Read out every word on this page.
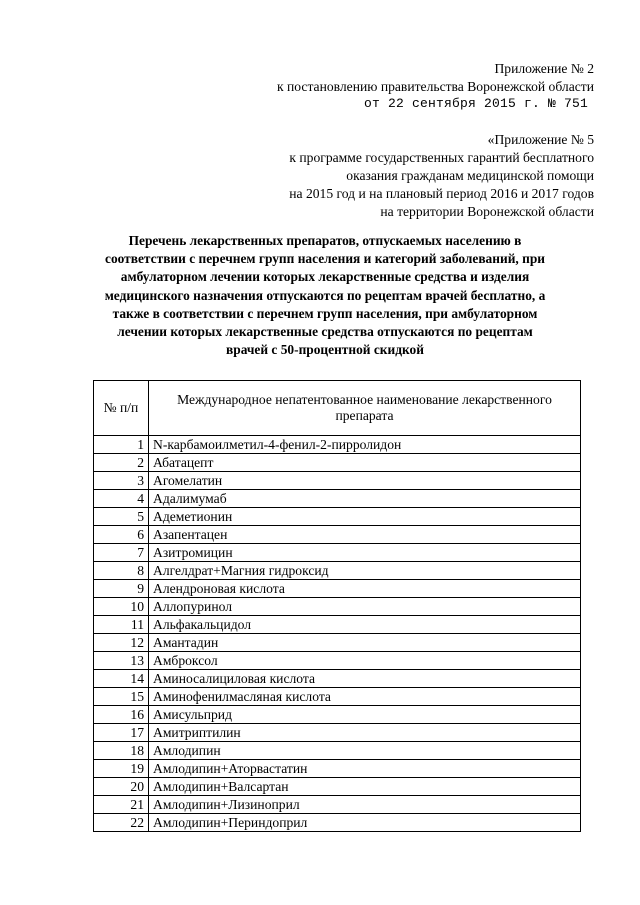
Приложение № 2
к постановлению правительства Воронежской области
от 22 сентября 2015 г. № 751
«Приложение № 5
к программе государственных гарантий бесплатного
оказания гражданам медицинской помощи
на 2015 год и на плановый период 2016 и 2017 годов
на территории Воронежской области
Перечень лекарственных препаратов, отпускаемых населению в
соответствии с перечнем групп населения и категорий заболеваний, при
амбулаторном лечении которых лекарственные средства и изделия
медицинского назначения отпускаются по рецептам врачей бесплатно, а
также в соответствии с перечнем групп населения, при амбулаторном
лечении которых лекарственные средства отпускаются по рецептам
врачей с 50-процентной скидкой
№ п/п	Международное непатентованное наименование лекарственного препарата
1	N-карбамоилметил-4-фенил-2-пирролидон
2	Абатацепт
3	Агомелатин
4	Адалимумаб
5	Адеметионин
6	Азапентацен
7	Азитромицин
8	Алгелдрат+Магния гидроксид
9	Алендроновая кислота
10	Аллопуринол
11	Альфакальцидол
12	Амантадин
13	Амброксол
14	Аминосалициловая кислота
15	Аминофенилмасляная кислота
16	Амисульприд
17	Амитриптилин
18	Амлодипин
19	Амлодипин+Аторвастатин
20	Амлодипин+Валсартан
21	Амлодипин+Лизиноприл
22	Амлодипин+Периндоприл
